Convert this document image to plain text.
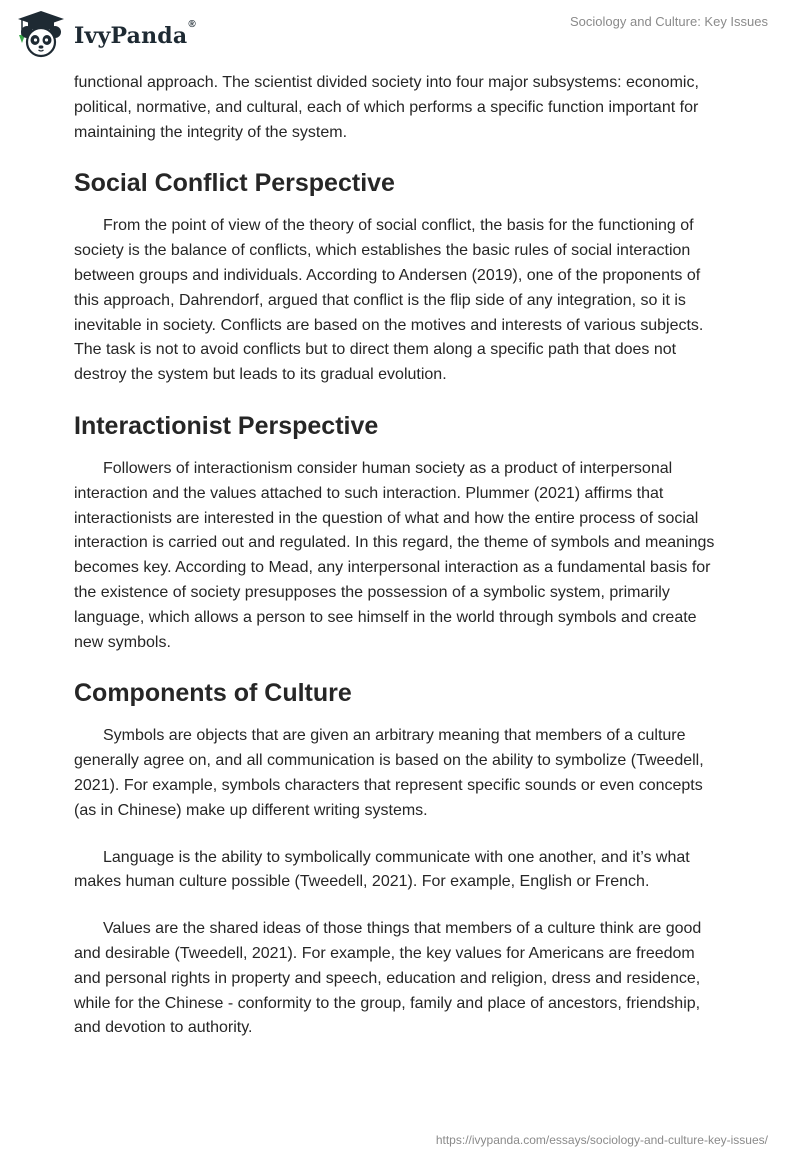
IvyPanda®	Sociology and Culture: Key Issues

functional approach. The scientist divided society into four major subsystems: economic, political, normative, and cultural, each of which performs a specific function important for maintaining the integrity of the system.

Social Conflict Perspective

From the point of view of the theory of social conflict, the basis for the functioning of society is the balance of conflicts, which establishes the basic rules of social interaction between groups and individuals. According to Andersen (2019), one of the proponents of this approach, Dahrendorf, argued that conflict is the flip side of any integration, so it is inevitable in society. Conflicts are based on the motives and interests of various subjects. The task is not to avoid conflicts but to direct them along a specific path that does not destroy the system but leads to its gradual evolution.

Interactionist Perspective

Followers of interactionism consider human society as a product of interpersonal interaction and the values attached to such interaction. Plummer (2021) affirms that interactionists are interested in the question of what and how the entire process of social interaction is carried out and regulated. In this regard, the theme of symbols and meanings becomes key. According to Mead, any interpersonal interaction as a fundamental basis for the existence of society presupposes the possession of a symbolic system, primarily language, which allows a person to see himself in the world through symbols and create new symbols.

Components of Culture

Symbols are objects that are given an arbitrary meaning that members of a culture generally agree on, and all communication is based on the ability to symbolize (Tweedell, 2021). For example, symbols characters that represent specific sounds or even concepts (as in Chinese) make up different writing systems.

Language is the ability to symbolically communicate with one another, and it’s what makes human culture possible (Tweedell, 2021). For example, English or French.

Values are the shared ideas of those things that members of a culture think are good and desirable (Tweedell, 2021). For example, the key values for Americans are freedom and personal rights in property and speech, education and religion, dress and residence, while for the Chinese - conformity to the group, family and place of ancestors, friendship, and devotion to authority.

https://ivypanda.com/essays/sociology-and-culture-key-issues/
